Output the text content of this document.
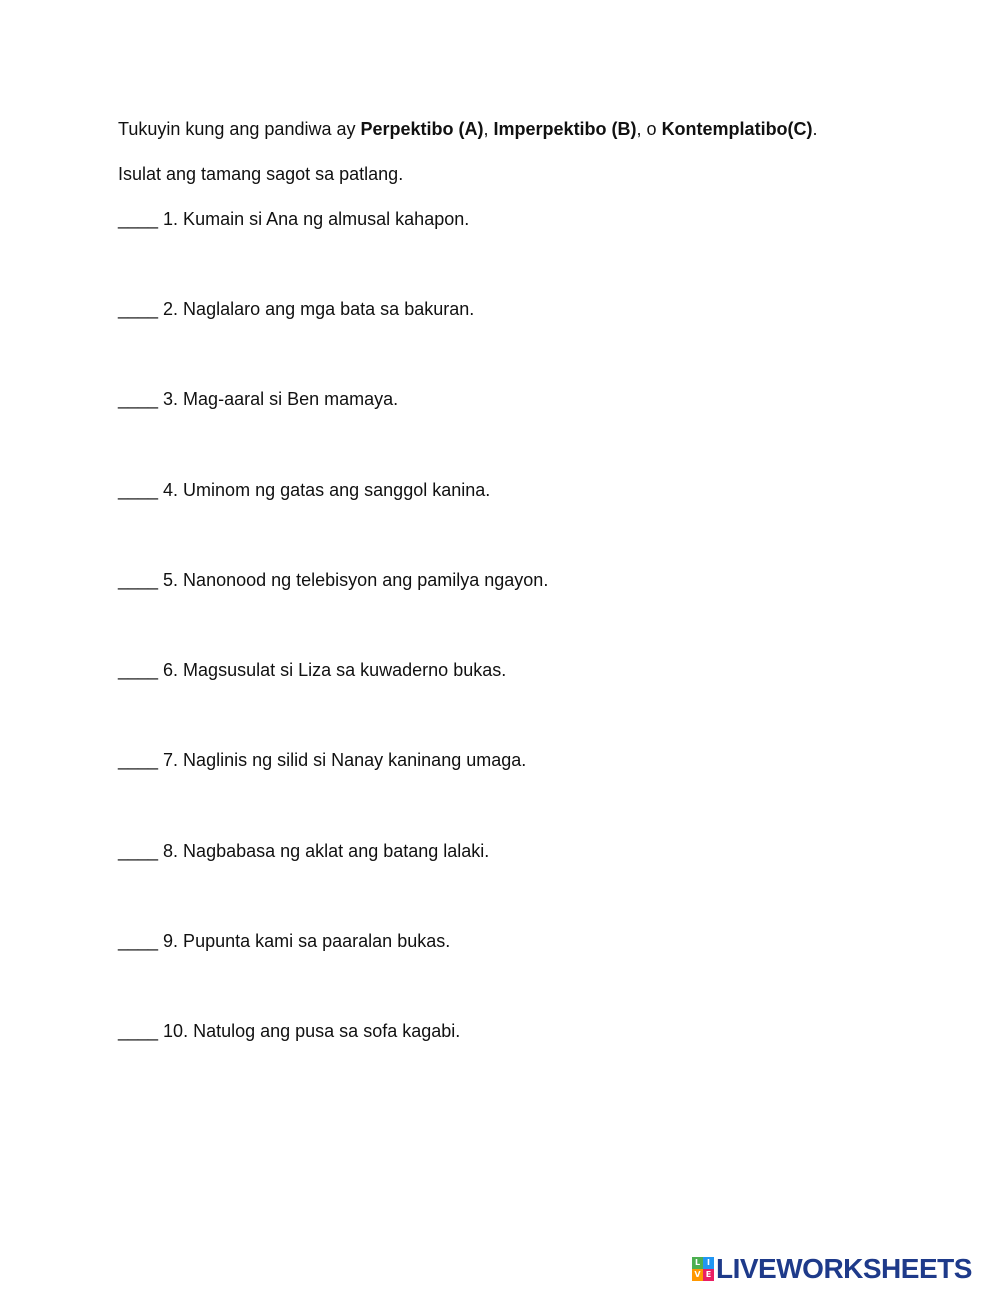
Tukuyin kung ang pandiwa ay Perpektibo (A), Imperpektibo (B), o Kontemplatibo(C).
Isulat ang tamang sagot sa patlang.
____ 1. Kumain si Ana ng almusal kahapon.
____ 2. Naglalaro ang mga bata sa bakuran.
____ 3. Mag-aaral si Ben mamaya.
____ 4. Uminom ng gatas ang sanggol kanina.
____ 5. Nanonood ng telebisyon ang pamilya ngayon.
____ 6. Magsusulat si Liza sa kuwaderno bukas.
____ 7. Naglinis ng silid si Nanay kaninang umaga.
____ 8. Nagbabasa ng aklat ang batang lalaki.
____ 9. Pupunta kami sa paaralan bukas.
____ 10. Natulog ang pusa sa sofa kagabi.
L I
V E LIVEWORKSHEETS
